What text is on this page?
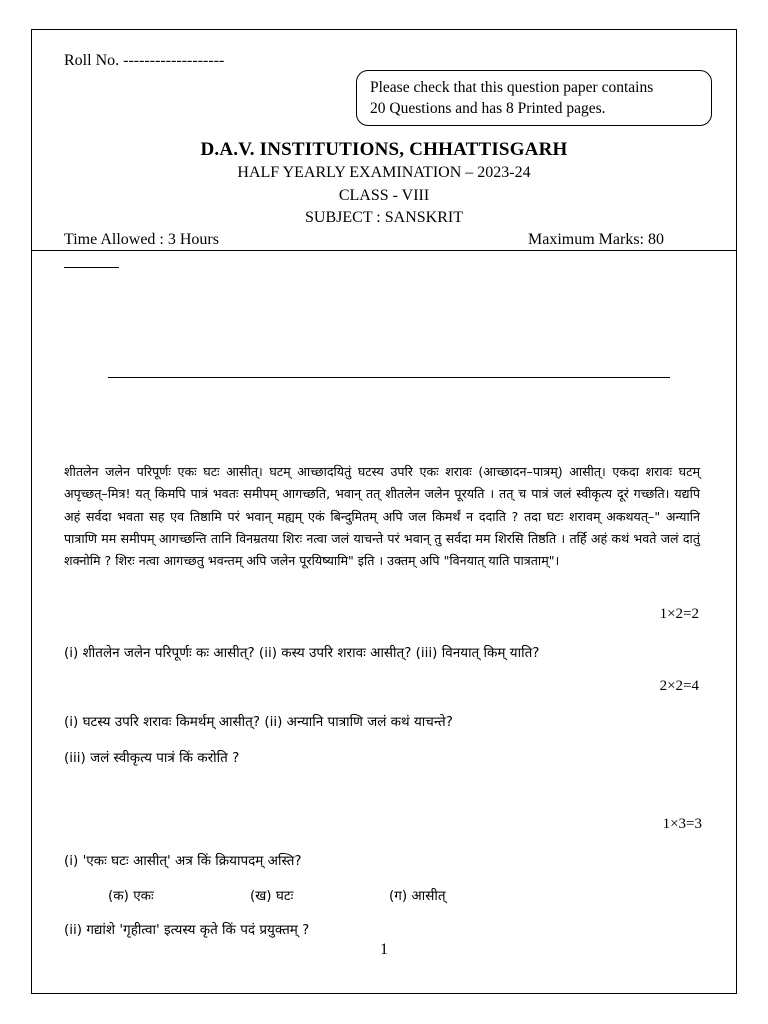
Roll No. -------------------
Please check that this question paper contains
20 Questions and has 8 Printed pages.
D.A.V. INSTITUTIONS, CHHATTISGARH
HALF YEARLY EXAMINATION – 2023-24
CLASS - VIII
SUBJECT : SANSKRIT
Time Allowed : 3 Hours	Maximum Marks: 80
शीतलेन जलेन परिपूर्णः एकः घटः आसीत्। घटम् आच्छादयितुं घटस्य उपरि एकः शरावः (आच्छादन–पात्रम्) आसीत्। एकदा शरावः घटम् अपृच्छत्–मित्र! यत् किमपि पात्रं भवतः समीपम् आगच्छति, भवान् तत् शीतलेन जलेन पूरयति । तत् च पात्रं जलं स्वीकृत्य दूरं गच्छति। यद्यपि अहं सर्वदा भवता सह एव तिष्ठामि परं भवान् मह्यम् एकं बिन्दुमितम् अपि जल किमर्थं न ददाति ? तदा घटः शरावम् अकथयत्–" अन्यानि पात्राणि मम समीपम् आगच्छन्ति तानि विनम्रतया शिरः नत्वा जलं याचन्ते परं भवान् तु सर्वदा मम शिरसि तिष्ठति । तर्हि अहं कथं भवते जलं दातुं शक्नोमि ? शिरः नत्वा आगच्छतु भवन्तम् अपि जलेन पूरयिष्यामि" इति । उक्तम् अपि "विनयात् याति पात्रताम्"।
1×2=2
(i) शीतलेन जलेन परिपूर्णः कः आसीत्? (ii) कस्य उपरि शरावः आसीत्? (iii) विनयात् किम् याति?
2×2=4
(i) घटस्य उपरि शरावः किमर्थम् आसीत्? (ii) अन्यानि पात्राणि जलं कथं याचन्ते?
(iii) जलं स्वीकृत्य पात्रं किं करोति ?
1×3=3
(i) 'एकः घटः आसीत्' अत्र किं क्रियापदम् अस्ति?
(क) एकः	(ख) घटः	(ग) आसीत्
(ii) गद्यांशे 'गृहीत्वा' इत्यस्य कृते किं पदं प्रयुक्तम् ?
1
